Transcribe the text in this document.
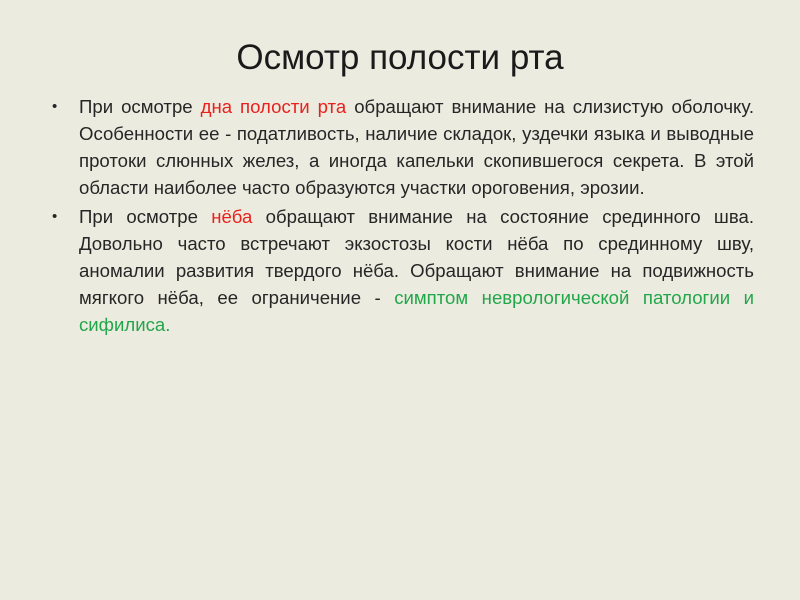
Осмотр полости рта
• При осмотре дна полости рта обращают внимание на слизистую оболочку. Особенности ее - податливость, наличие складок, уздечки языка и выводные протоки слюнных желез, а иногда капельки скопившегося секрета. В этой области наиболее часто образуются участки ороговения, эрозии.
• При осмотре нёба обращают внимание на состояние срединного шва. Довольно часто встречают экзостозы кости нёба по срединному шву, аномалии развития твердого нёба. Обращают внимание на подвижность мягкого нёба, ее ограничение - симптом неврологической патологии и сифилиса.
